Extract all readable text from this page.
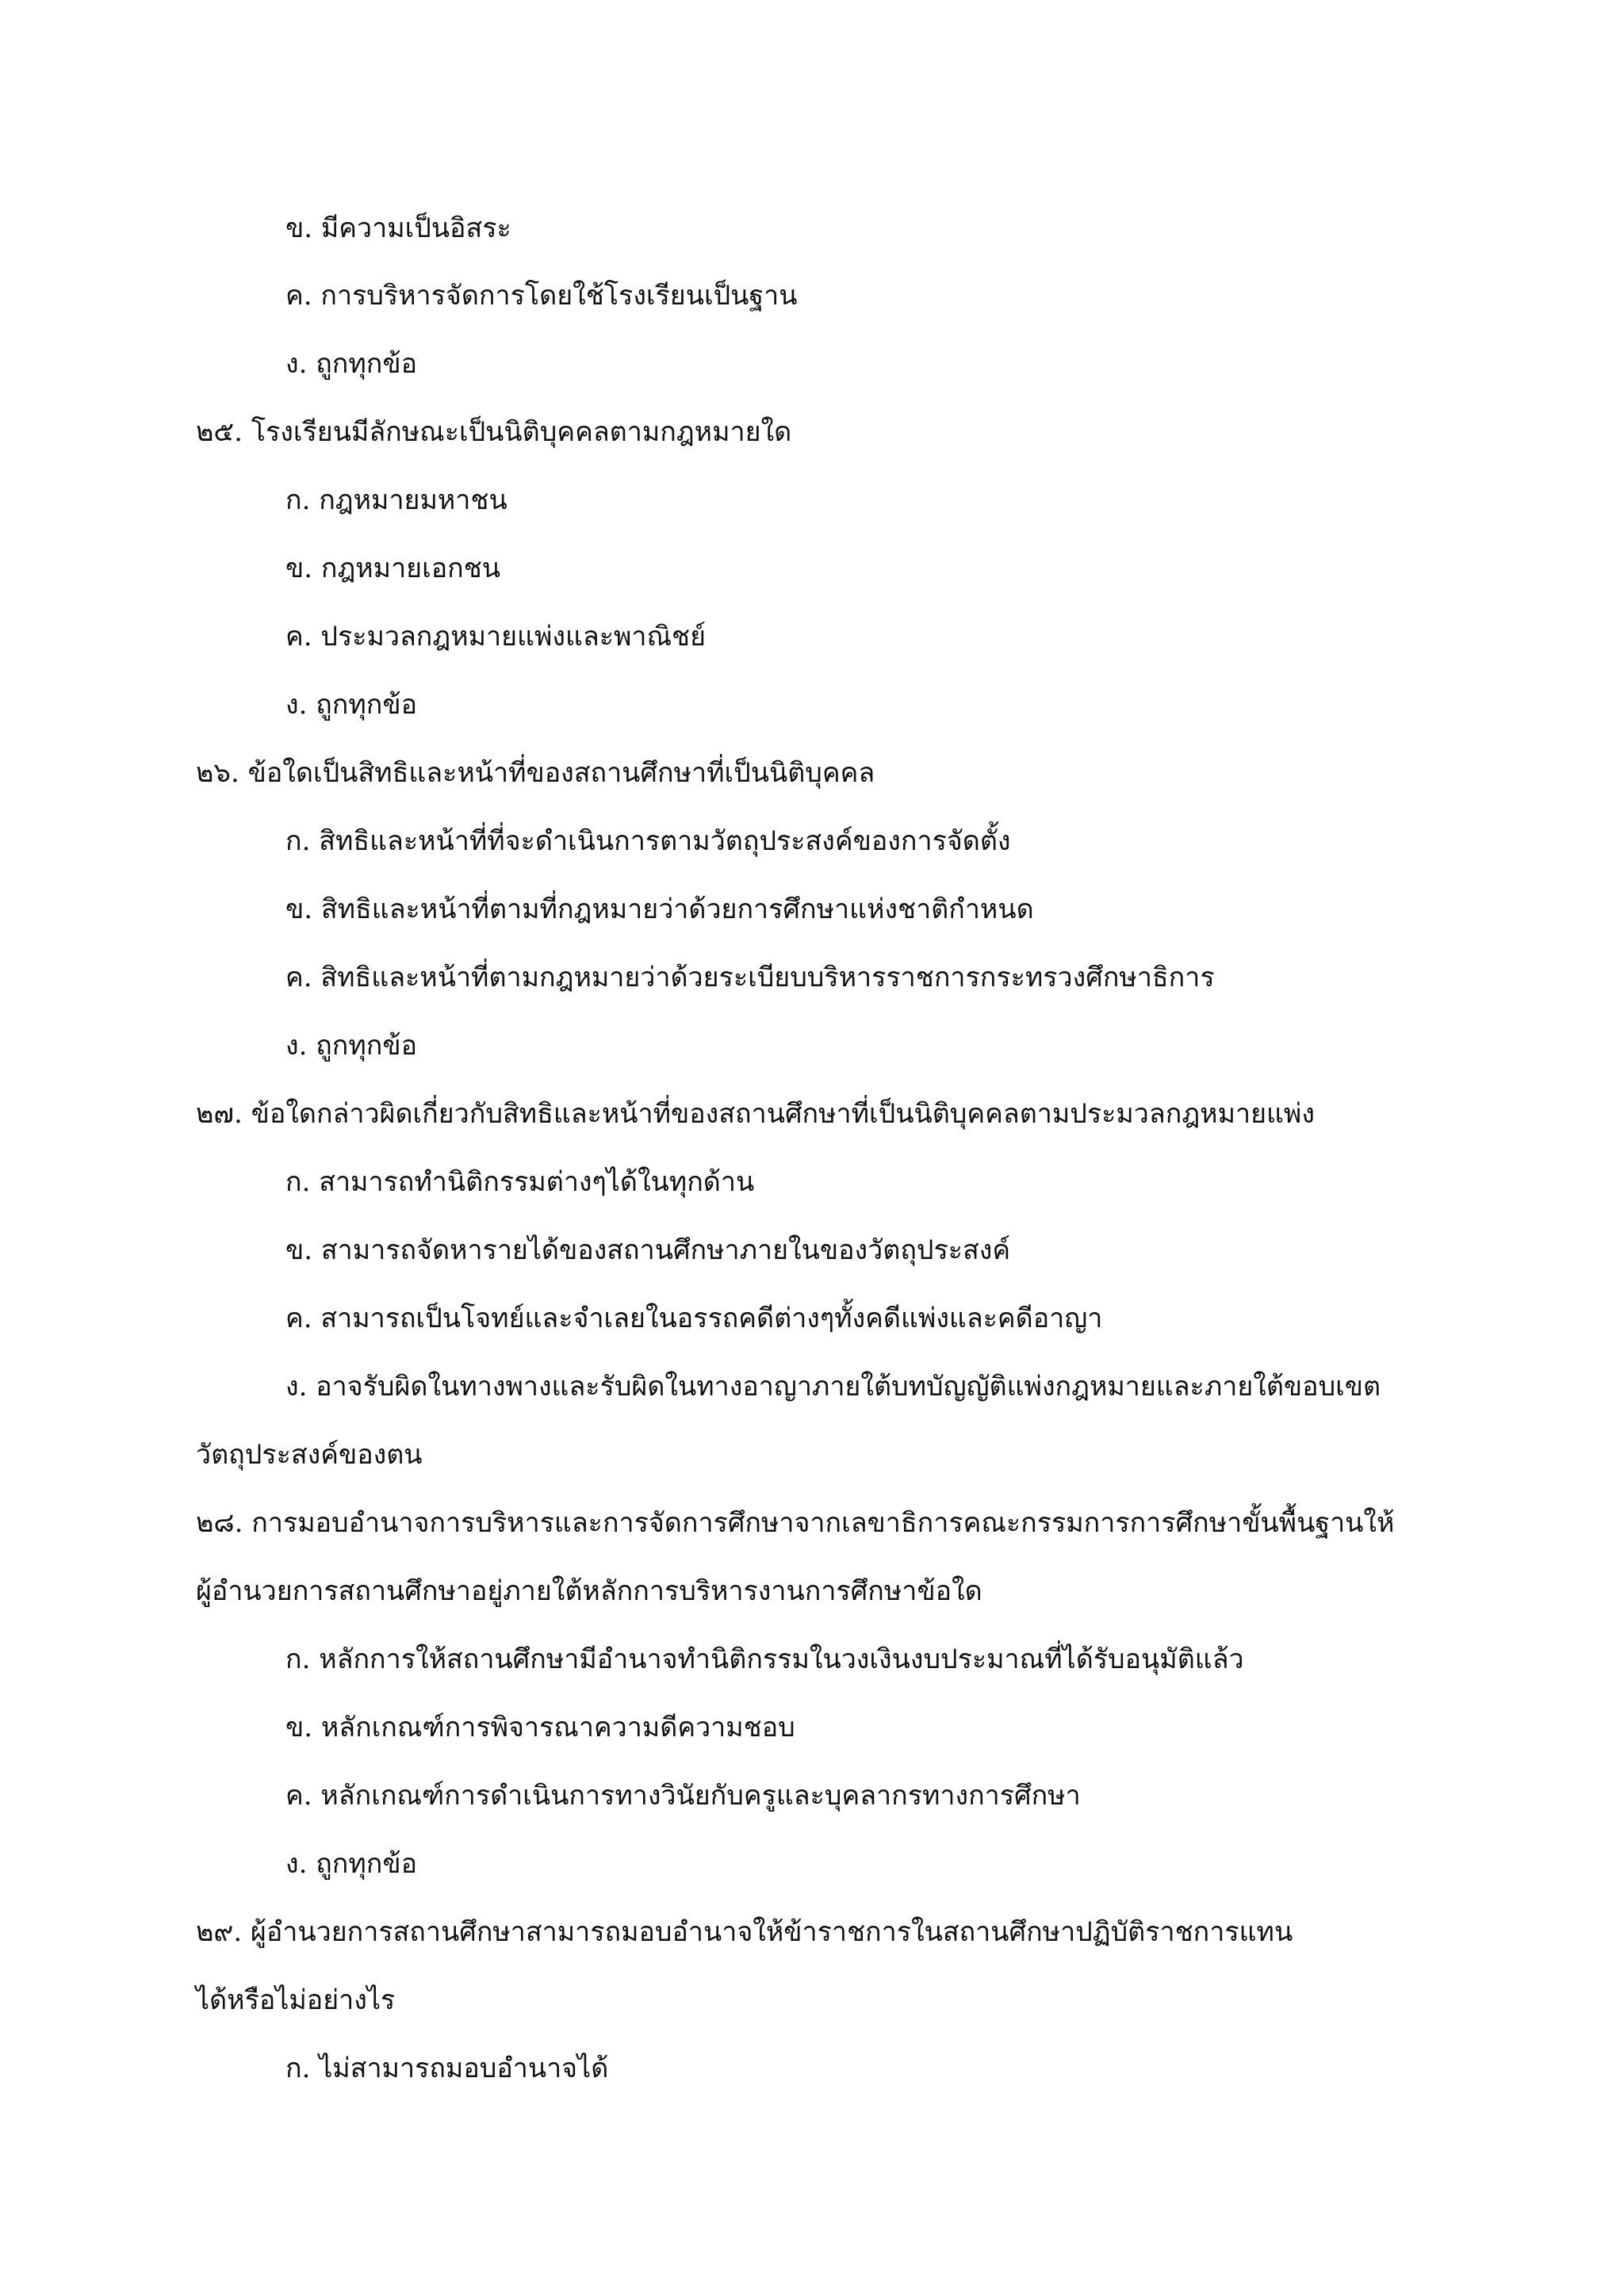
ข. มีความเป็นอิสระ
ค. การบริหารจัดการโดยใช้โรงเรียนเป็นฐาน
ง. ถูกทุกข้อ
๒๕. โรงเรียนมีลักษณะเป็นนิติบุคคลตามกฎหมายใด
ก. กฎหมายมหาชน
ข. กฎหมายเอกชน
ค. ประมวลกฎหมายแพ่งและพาณิชย์
ง. ถูกทุกข้อ
๒๖. ข้อใดเป็นสิทธิและหน้าที่ของสถานศึกษาที่เป็นนิติบุคคล
ก. สิทธิและหน้าที่ที่จะดำเนินการตามวัตถุประสงค์ของการจัดตั้ง
ข. สิทธิและหน้าที่ตามที่กฎหมายว่าด้วยการศึกษาแห่งชาติกำหนด
ค. สิทธิและหน้าที่ตามกฎหมายว่าด้วยระเบียบบริหารราชการกระทรวงศึกษาธิการ
ง. ถูกทุกข้อ
๒๗. ข้อใดกล่าวผิดเกี่ยวกับสิทธิและหน้าที่ของสถานศึกษาที่เป็นนิติบุคคลตามประมวลกฎหมายแพ่ง
ก. สามารถทำนิติกรรมต่างๆได้ในทุกด้าน
ข. สามารถจัดหารายได้ของสถานศึกษาภายในของวัตถุประสงค์
ค. สามารถเป็นโจทย์และจำเลยในอรรถคดีต่างๆทั้งคดีแพ่งและคดีอาญา
ง. อาจรับผิดในทางพางและรับผิดในทางอาญาภายใต้บทบัญญัติแพ่งกฎหมายและภายใต้ขอบเขต
วัตถุประสงค์ของตน
๒๘. การมอบอำนาจการบริหารและการจัดการศึกษาจากเลขาธิการคณะกรรมการการศึกษาขั้นพื้นฐานให้
ผู้อำนวยการสถานศึกษาอยู่ภายใต้หลักการบริหารงานการศึกษาข้อใด
ก. หลักการให้สถานศึกษามีอำนาจทำนิติกรรมในวงเงินงบประมาณที่ได้รับอนุมัติแล้ว
ข. หลักเกณฑ์การพิจารณาความดีความชอบ
ค. หลักเกณฑ์การดำเนินการทางวินัยกับครูและบุคลากรทางการศึกษา
ง. ถูกทุกข้อ
๒๙. ผู้อำนวยการสถานศึกษาสามารถมอบอำนาจให้ข้าราชการในสถานศึกษาปฏิบัติราชการแทน
ได้หรือไม่อย่างไร
ก. ไม่สามารถมอบอำนาจได้
